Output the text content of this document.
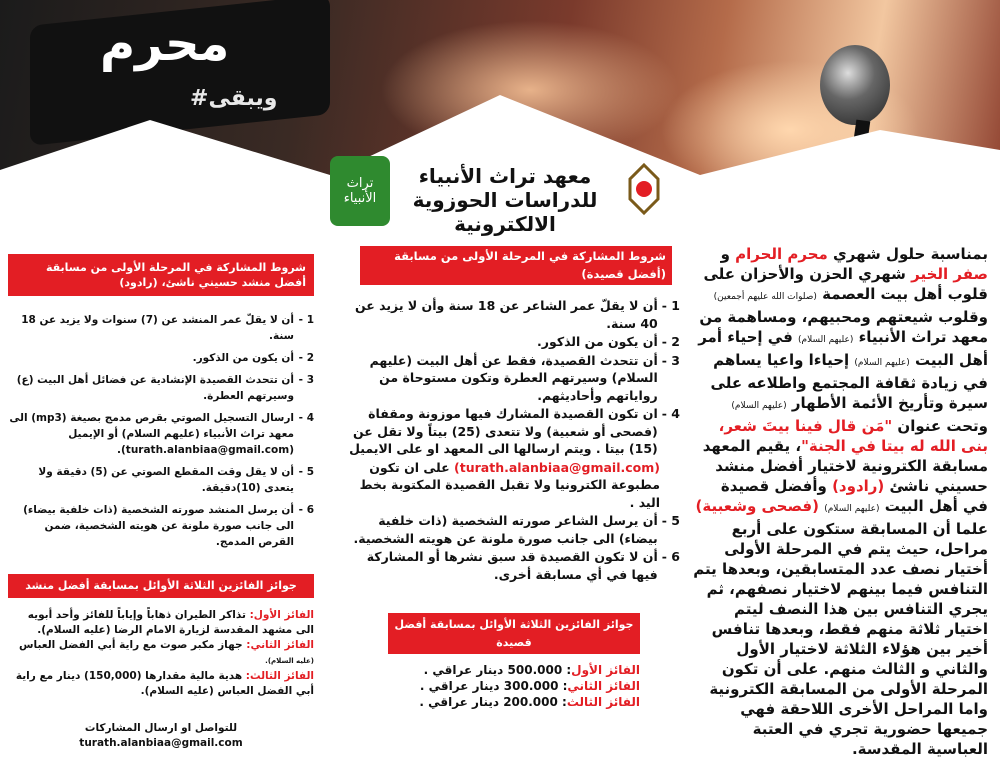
محرم
#ويبقى
تراث الأنبياء
معهد تراث الأنبياء
للدراسات الحوزوية الالكترونية

بمناسبة حلول شهري محرم الحرام و صفر الخير شهري الحزن والأحزان على قلوب أهل بيت العصمة (صلوات الله عليهم أجمعين) وقلوب شيعتهم ومحبيهم، ومساهمة من معهد تراث الأنبياء (عليهم السلام) في إحياء أمر أهل البيت (عليهم السلام) إحياءا واعيا يساهم في زيادة ثقافة المجتمع واطلاعه على سيرة وتأريخ الأئمة الأطهار (عليهم السلام) وتحت عنوان "مَن قال فينا بيتَ شعر، بنى الله له بيتا في الجنة"، يقيم المعهد مسابقة الكترونية لاختيار أفضل منشد حسيني ناشئ (رادود) وأفضل قصيدة في أهل البيت (عليهم السلام) (فصحى وشعبية) علما أن المسابقة ستكون على أربع مراحل، حيث يتم في المرحلة الأولى أختيار نصف عدد المتسابقين، وبعدها يتم التنافس فيما بينهم لاختيار نصفهم، ثم يجري التنافس بين هذا النصف ليتم اختيار ثلاثة منهم فقط، وبعدها تنافس أخير بين هؤلاء الثلاثة لاختيار الأول والثاني و الثالث منهم. على أن تكون المرحلة الأولى من المسابقة الكترونية واما المراحل الأخرى اللاحقة فهي جميعها حضورية تجري في العتبة العباسية المقدسة.

شروط المشاركة في المرحلة الأولى من مسابقة (أفضل قصيدة)
1 -
أن لا يقلّ عمر الشاعر عن 18 سنة وأن لا يزيد عن 40 سنة.
2 -
أن يكون من الذكور.
3 -
أن تتحدث القصيدة، فقط عن أهل البيت (عليهم السلام) وسيرتهم العطرة وتكون مستوحاة من رواياتهم وأحاديثهم.
4 -
ان تكون القصيدة المشارك فيها موزونة ومقفاة (فصحى أو شعبية) ولا تتعدى (25) بيتاً ولا تقل عن (15) بيتا . ويتم ارسالها الى المعهد او على الايميل
(turath.alanbiaa@gmail.com) على ان تكون مطبوعة الكترونيا ولا تقبل القصيدة المكتوبة بخط اليد .
5 -
أن يرسل الشاعر صورته الشخصية (ذات خلفية بيضاء) الى جانب صورة ملونة عن هويته الشخصية.
6 -
أن لا تكون القصيدة قد سبق نشرها أو المشاركة فيها في أي مسابقة أخرى.
جوائز الفائزين الثلاثة الأوائل بمسابقة أفضل قصيدة
الفائز الأول: 500.000 دينار عراقي .
الفائز الثاني: 300.000 دينار عراقي .
الفائز الثالث: 200.000 دينار عراقي .
شروط المشاركة في المرحلة الأولى من مسابقة أفضل منشد حسيني ناشئ، (رادود)
1 -
أن لا يقلّ عمر المنشد عن (7) سنوات ولا يزيد عن 18 سنة.
2 -
أن يكون من الذكور.
3 -
أن تتحدث القصيدة الإنشادية عن فضائل أهل البيت (ع) وسيرتهم العطرة.
4 -
ارسال التسجيل الصوتي بقرص مدمج بصيغة (mp3) الى معهد تراث الأنبياء (عليهم السلام) أو الإيميل (turath.alanbiaa@gmail.com).
5 -
أن لا يقل وقت المقطع الصوتي عن (5) دقيقة ولا يتعدى (10)دقيقة.
6 -
أن يرسل المنشد صورته الشخصية (ذات خلفية بيضاء) الى جانب صورة ملونة عن هويته الشخصية، ضمن القرص المدمج.
جوائز الفائزين الثلاثة الأوائل بمسابقة أفضل منشد
الفائز الأول: تذاكر الطيران ذهاباً وإياباً للفائز وأحد أبويه الى مشهد المقدسة لزيارة الامام الرضا (عليه السلام).
الفائز الثاني: جهاز مكبر صوت مع راية أبي الفضل العباس (عليه السلام).
الفائز الثالث: هدية مالية مقدارها (150,000) دينار مع راية أبي الفضل العباس (عليه السلام).
للتواصل او ارسال المشاركات
turath.alanbiaa@gmail.com
